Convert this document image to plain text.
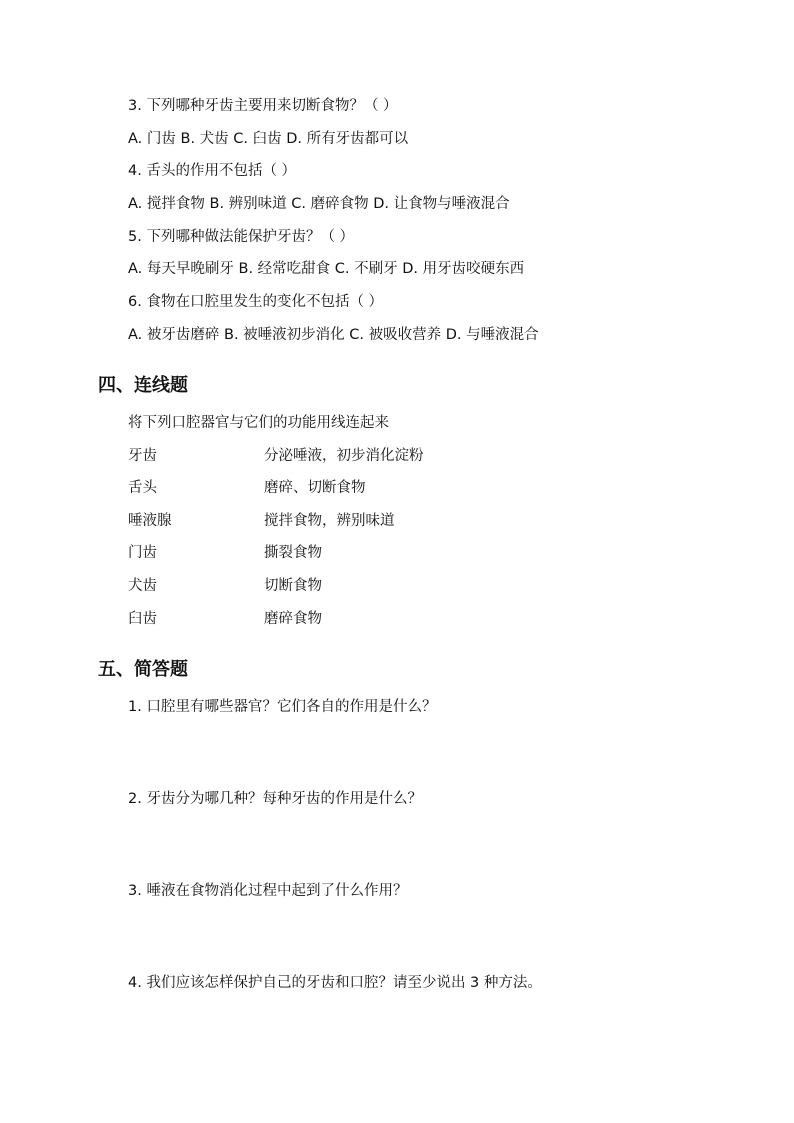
3. 下列哪种牙齿主要用来切断食物？（ ）
A. 门齿 B. 犬齿 C. 臼齿 D. 所有牙齿都可以
4. 舌头的作用不包括（ ）
A. 搅拌食物 B. 辨别味道 C. 磨碎食物 D. 让食物与唾液混合
5. 下列哪种做法能保护牙齿？（ ）
A. 每天早晚刷牙 B. 经常吃甜食 C. 不刷牙 D. 用牙齿咬硬东西
6. 食物在口腔里发生的变化不包括（ ）
A. 被牙齿磨碎 B. 被唾液初步消化 C. 被吸收营养 D. 与唾液混合
四、连线题
将下列口腔器官与它们的功能用线连起来
牙齿	分泌唾液，初步消化淀粉
舌头	磨碎、切断食物
唾液腺	搅拌食物，辨别味道
门齿	撕裂食物
犬齿	切断食物
臼齿	磨碎食物
五、简答题
1. 口腔里有哪些器官？它们各自的作用是什么？
2. 牙齿分为哪几种？每种牙齿的作用是什么？
3. 唾液在食物消化过程中起到了什么作用？
4. 我们应该怎样保护自己的牙齿和口腔？请至少说出 3 种方法。
